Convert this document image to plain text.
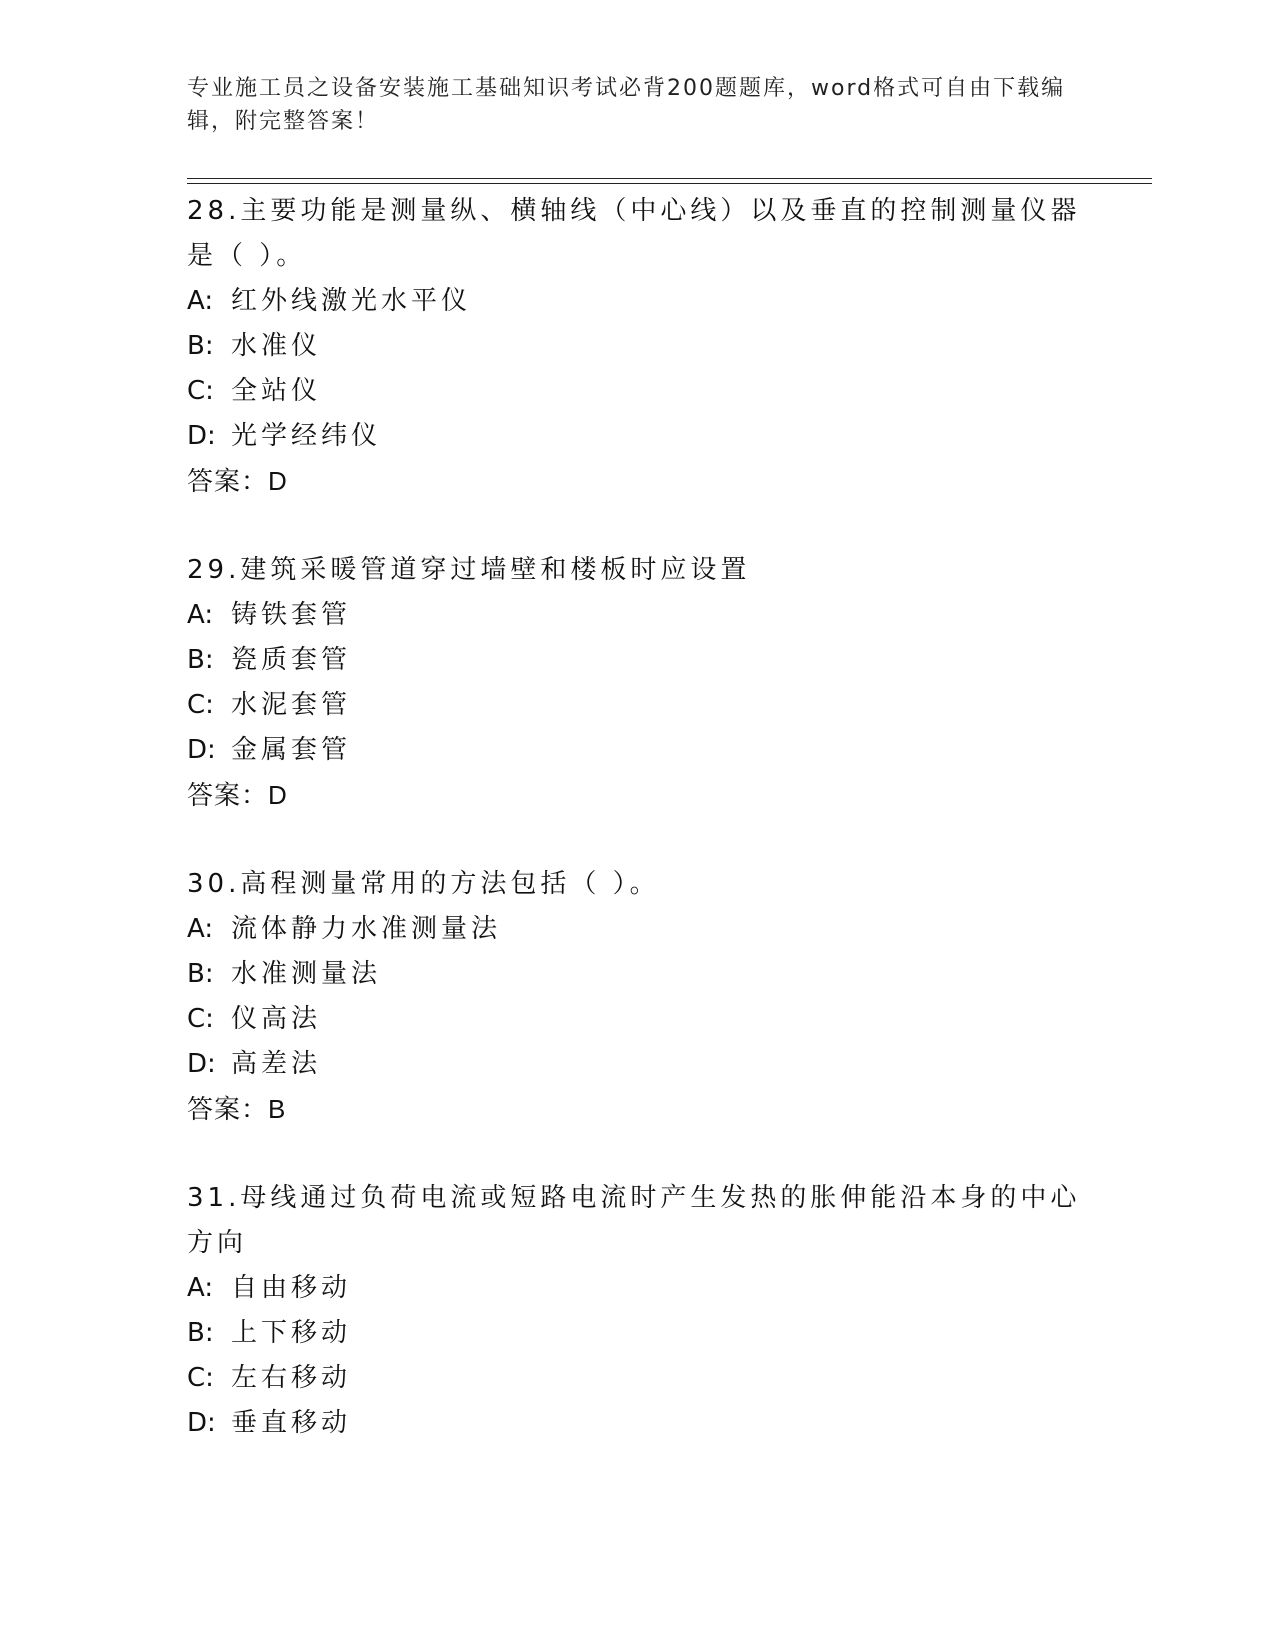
专业施工员之设备安装施工基础知识考试必背200题题库，word格式可自由下载编辑，附完整答案！
28.主要功能是测量纵、横轴线（中心线）以及垂直的控制测量仪器是（ ）。
A: 红外线激光水平仪
B: 水准仪
C: 全站仪
D: 光学经纬仪
答案：D
29.建筑采暖管道穿过墙壁和楼板时应设置
A: 铸铁套管
B: 瓷质套管
C: 水泥套管
D: 金属套管
答案：D
30.高程测量常用的方法包括（ ）。
A: 流体静力水准测量法
B: 水准测量法
C: 仪高法
D: 高差法
答案：B
31.母线通过负荷电流或短路电流时产生发热的胀伸能沿本身的中心方向
A: 自由移动
B: 上下移动
C: 左右移动
D: 垂直移动
